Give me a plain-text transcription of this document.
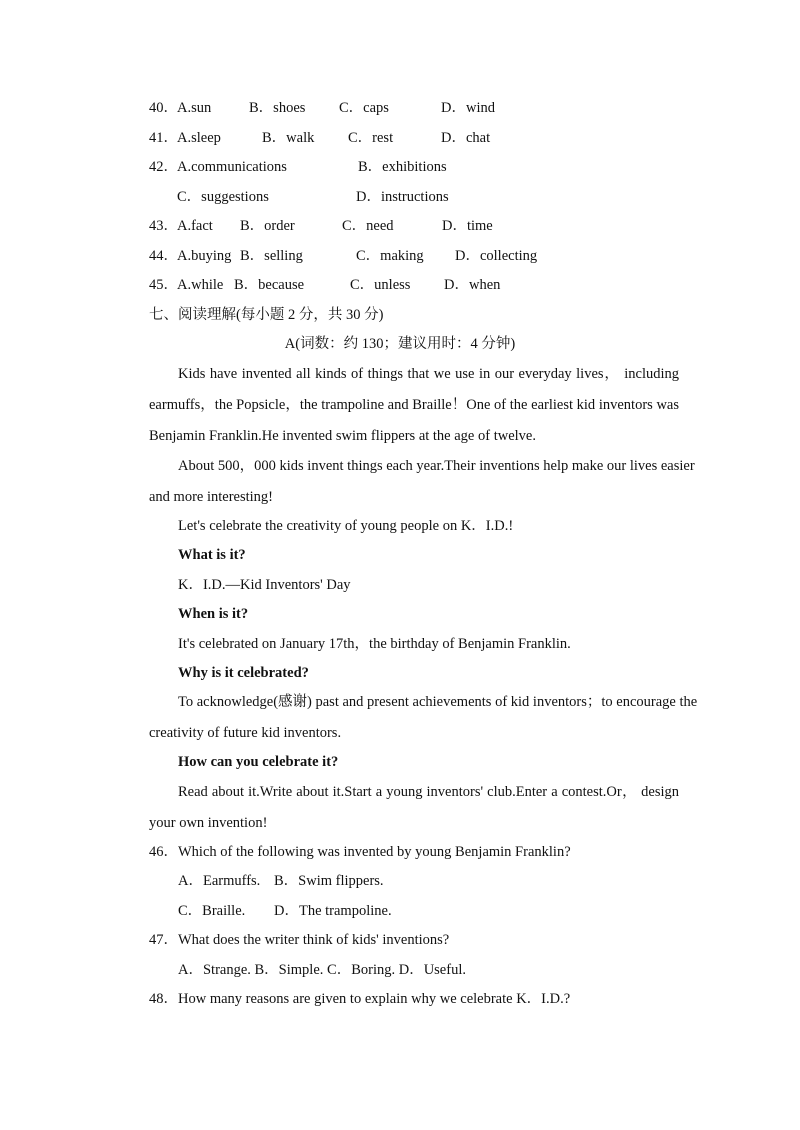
40． A.sun	B．shoes C．caps	D．wind
41． A.sleep	B．walk C．rest	D．chat
42． A.communications	B．exhibitions
C．suggestions	D．instructions
43． A.fact B．order	C．need	D．time
44． A.buying B．selling	C．making D．collecting
45． A.while B．because	C．unless D．when
七、阅读理解(每小题 2 分，共 30 分)
A(词数：约 130；建议用时：4 分钟)
Kids have invented all kinds of things that we use in our everyday lives， including
earmuffs，the Popsicle，the trampoline and Braille！One of the earliest kid inventors was
Benjamin Franklin.He invented swim flippers at the age of twelve.
About 500，000 kids invent things each year.Their inventions help make our lives easier
and more interesting!
Let's celebrate the creativity of young people on K．I.D.!
What is it?
K．I.D.—Kid Inventors' Day
When is it?
It's celebrated on January 17th，the birthday of Benjamin Franklin.
Why is it celebrated?
To acknowledge(感谢) past and present achievements of kid inventors；to encourage the
creativity of future kid inventors.
How can you celebrate it?
Read about it.Write about it.Start a young inventors' club.Enter a contest.Or， design
your own invention!
46．Which of the following was invented by young Benjamin Franklin?
A．Earmuffs. B．Swim flippers.
C．Braille. D．The trampoline.
47．What does the writer think of kids' inventions?
A．Strange. B．Simple. C．Boring. D．Useful.
48．How many reasons are given to explain why we celebrate K．I.D.?
